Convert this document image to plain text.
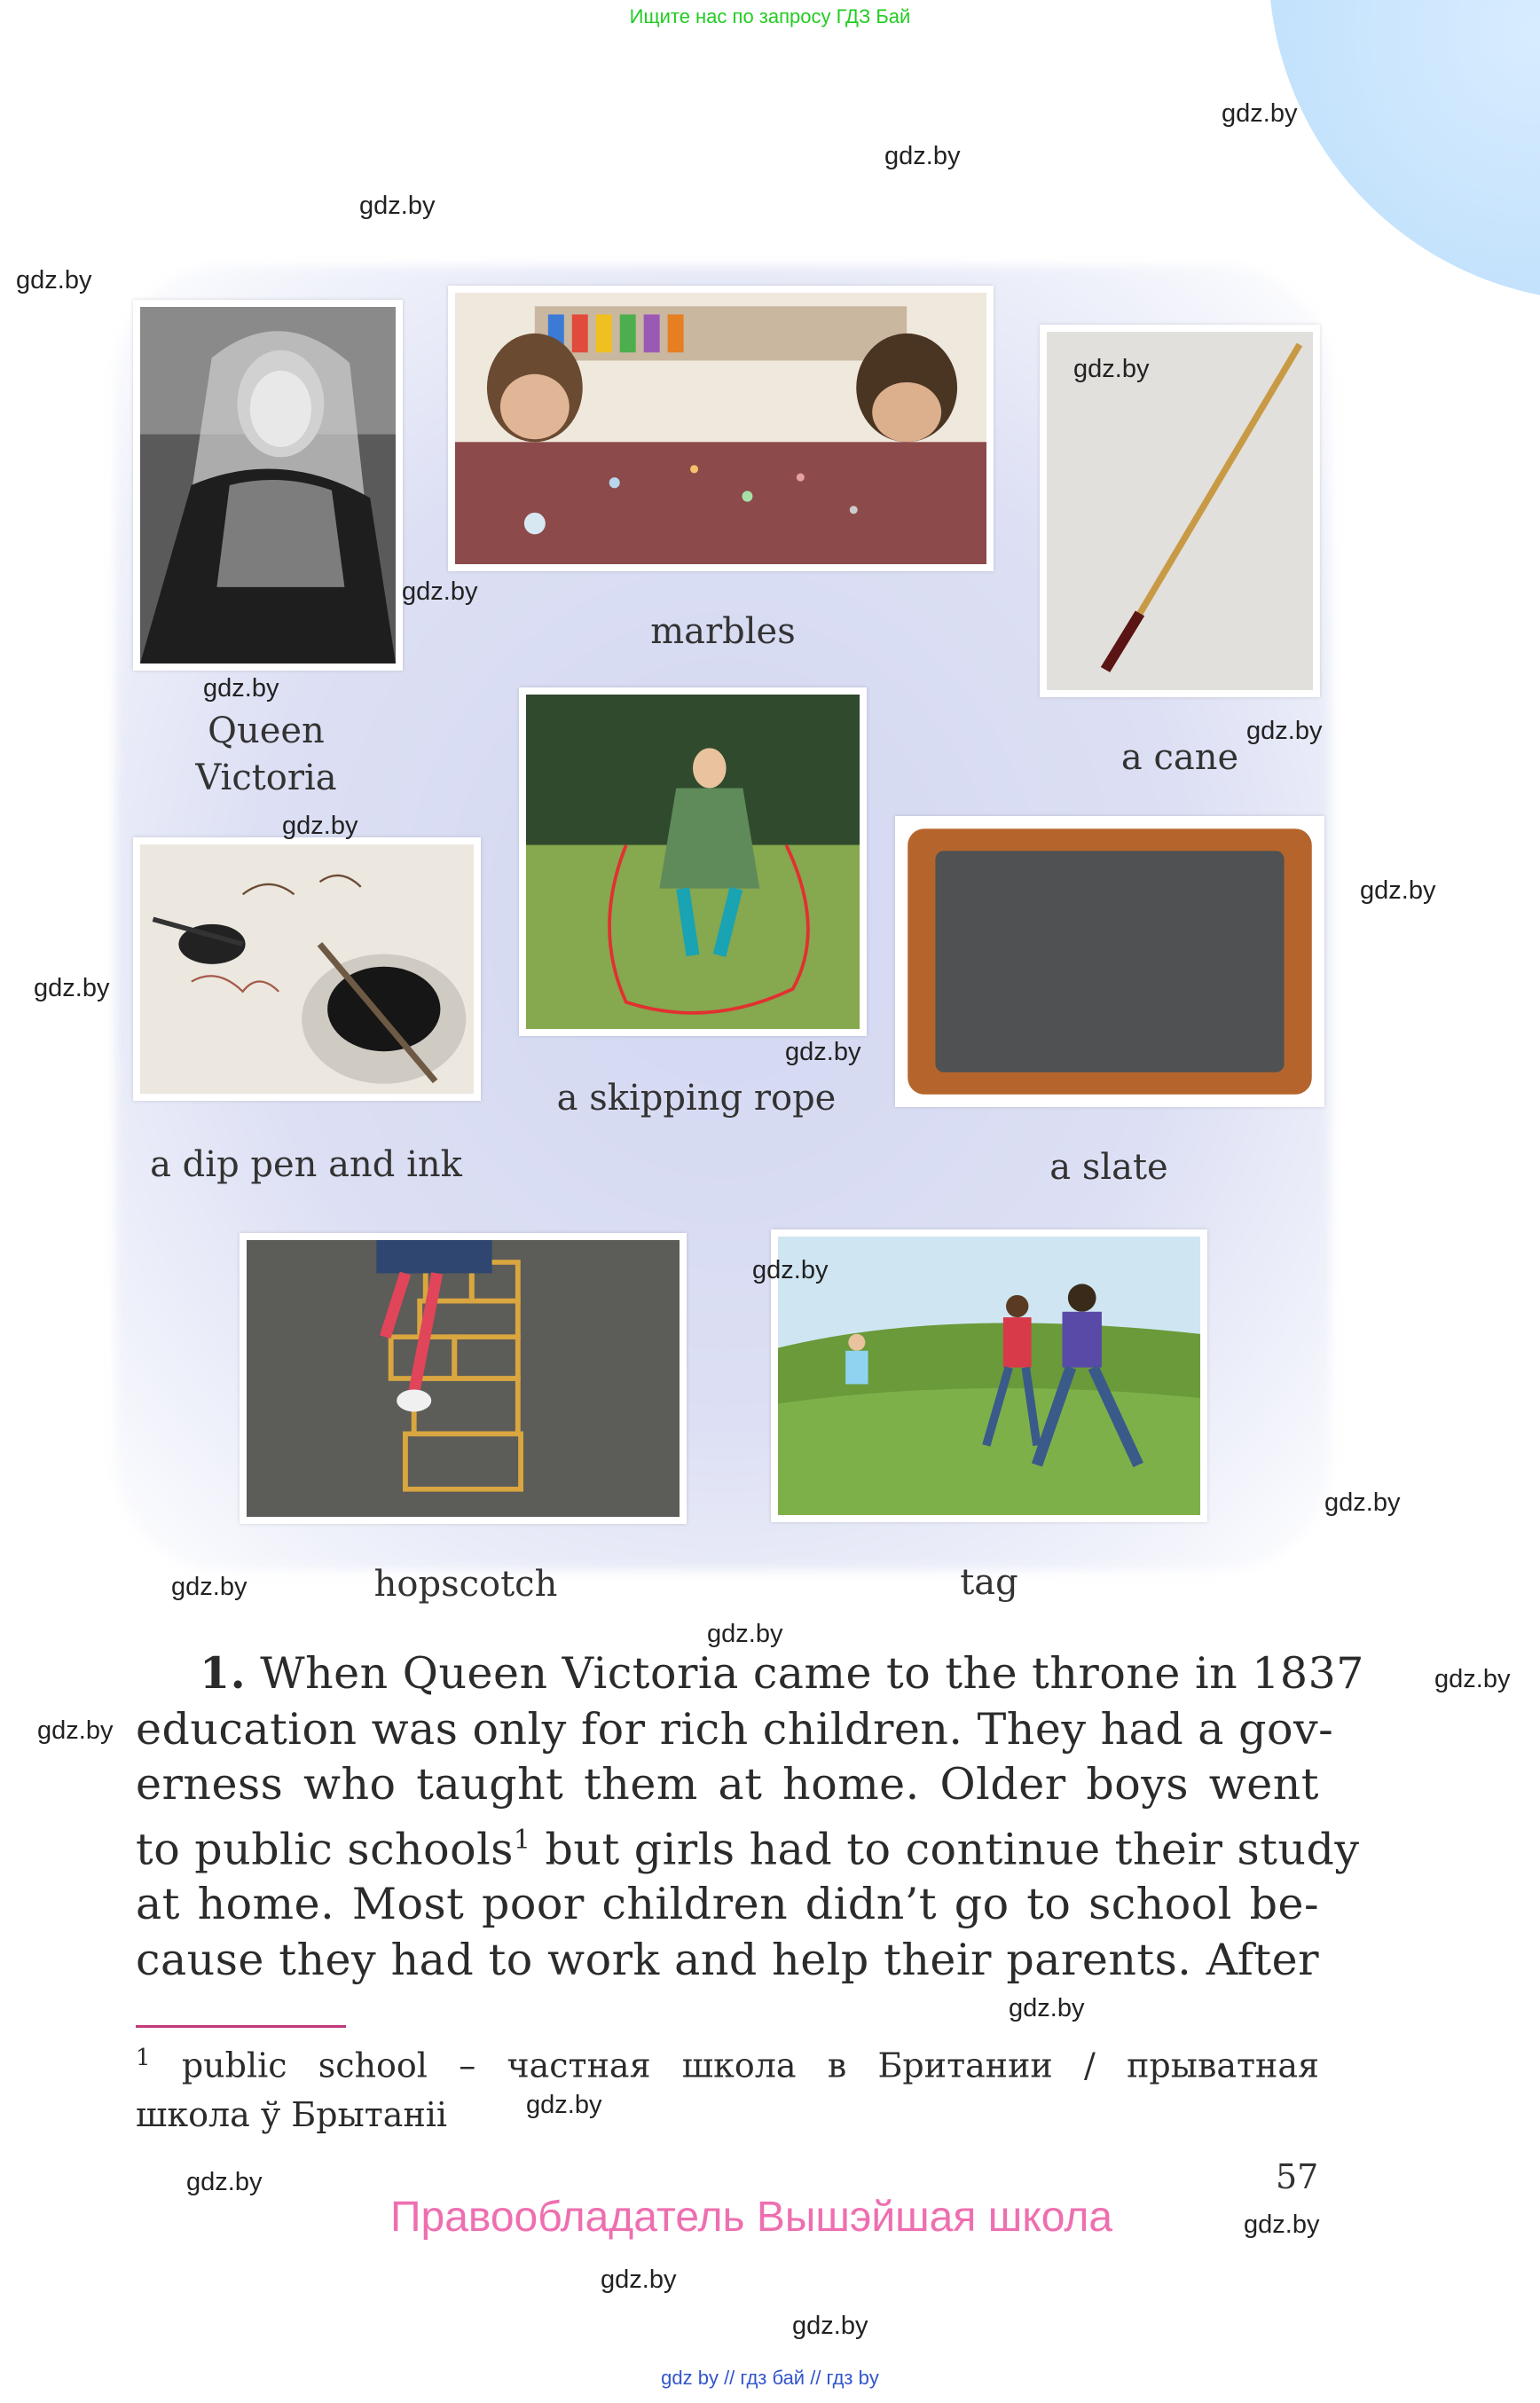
Ищите нас по запросу ГДЗ Бай
Queen
Victoria
marbles
a cane
a skipping rope
a dip pen and ink	a slate
hopscotch	tag
gdz.by
gdz.by
gdz.by
gdz.by
gdz.by
gdz.by
gdz.by
gdz.by
gdz.by
gdz.by
gdz.by
gdz.by
gdz.by
gdz.by
gdz.by
gdz.by
gdz.by
gdz.by
gdz.by
gdz.by
gdz.by
gdz.by
gdz.by
gdz.by
1. When Queen Victoria came to the throne in 1837
education was only for rich children. They had a gov-
erness who taught them at home. Older boys went
to public schools$^1$ but girls had to continue their study
at home. Most poor children didn’t go to school be-
cause they had to work and help their parents. After
$^1$ public school – частная школа в Британии / прыватная
школа ў Брытаніі
57
Правообладатель Вышэйшая школа
gdz by // гдз бай // гдз by
